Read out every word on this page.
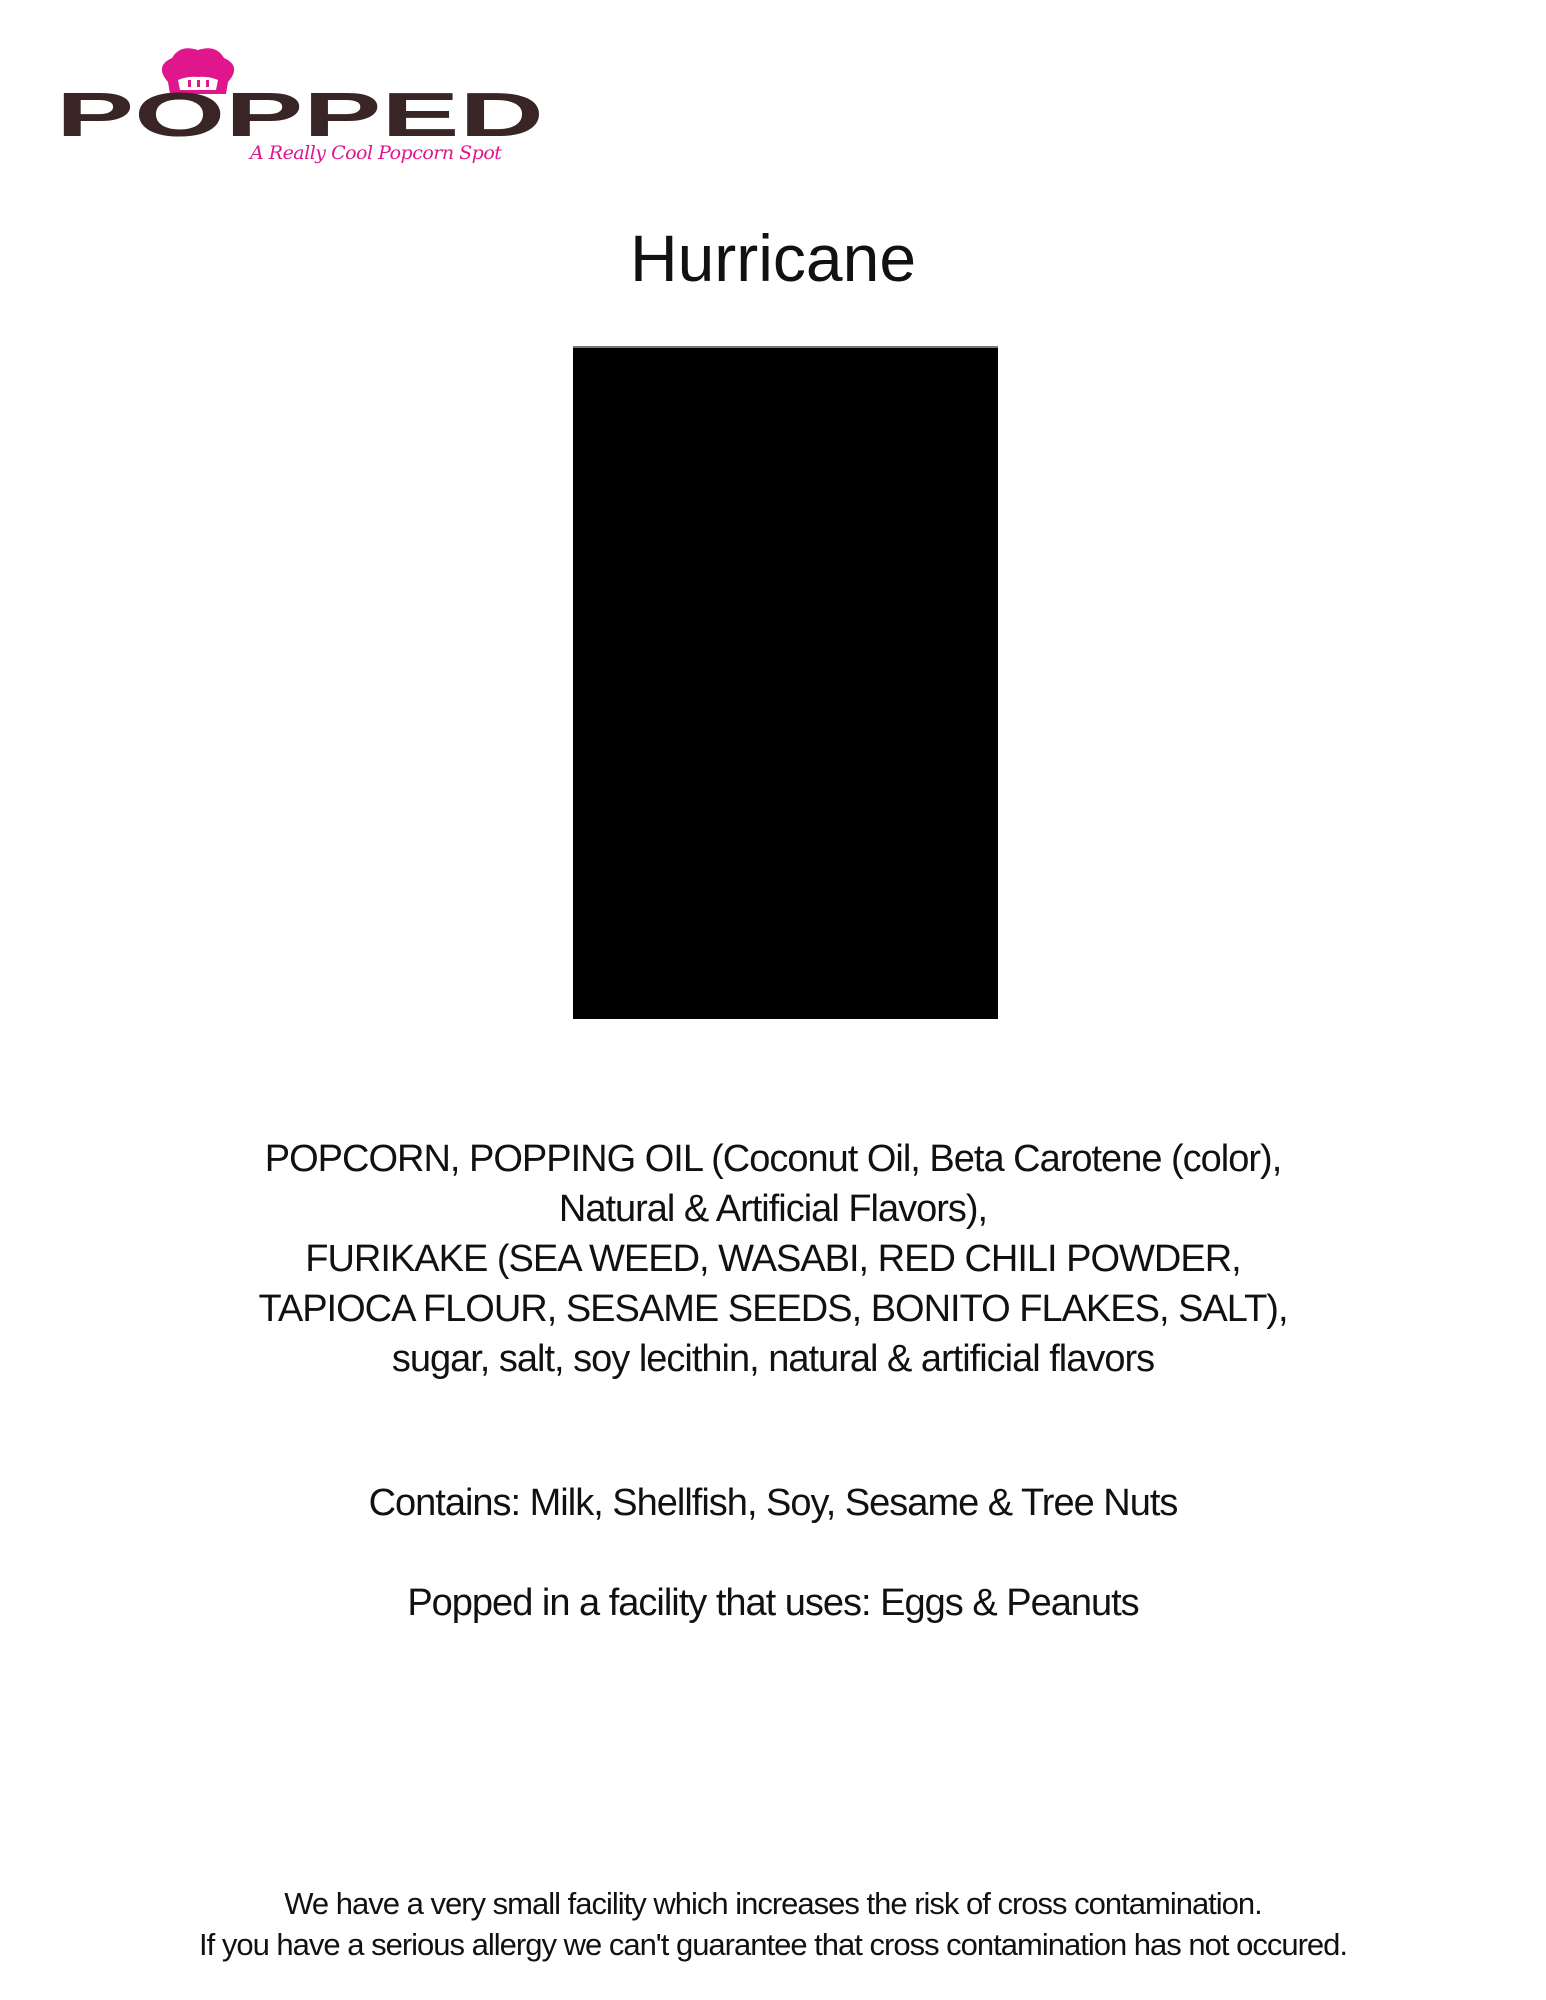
POPPED
A Really Cool Popcorn Spot
Hurricane
POPCORN, POPPING OIL (Coconut Oil, Beta Carotene (color),
Natural & Artificial Flavors),
FURIKAKE (SEA WEED, WASABI, RED CHILI POWDER,
TAPIOCA FLOUR, SESAME SEEDS, BONITO FLAKES, SALT),
sugar, salt, soy lecithin, natural & artificial flavors
Contains: Milk, Shellfish, Soy, Sesame & Tree Nuts
Popped in a facility that uses: Eggs & Peanuts
We have a very small facility which increases the risk of cross contamination.
If you have a serious allergy we can't guarantee that cross contamination has not occured.
